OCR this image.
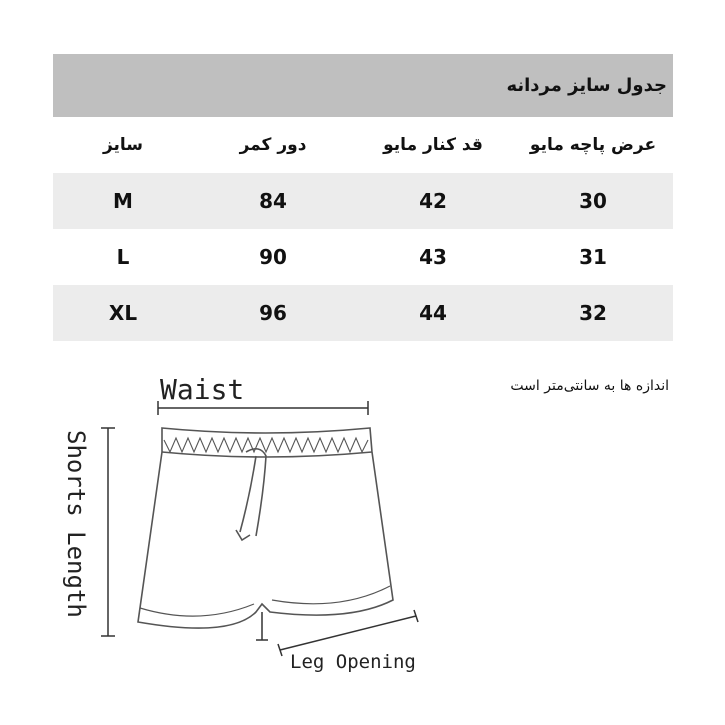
جدول سایز مردانه
عرض پاچه مایو
قد کنار مایو
دور کمر
سایز
30
42
84
M
31
43
90
L
32
44
96
XL
اندازه ها به سانتی‌متر است
Waist
Shorts Length
Leg Opening
